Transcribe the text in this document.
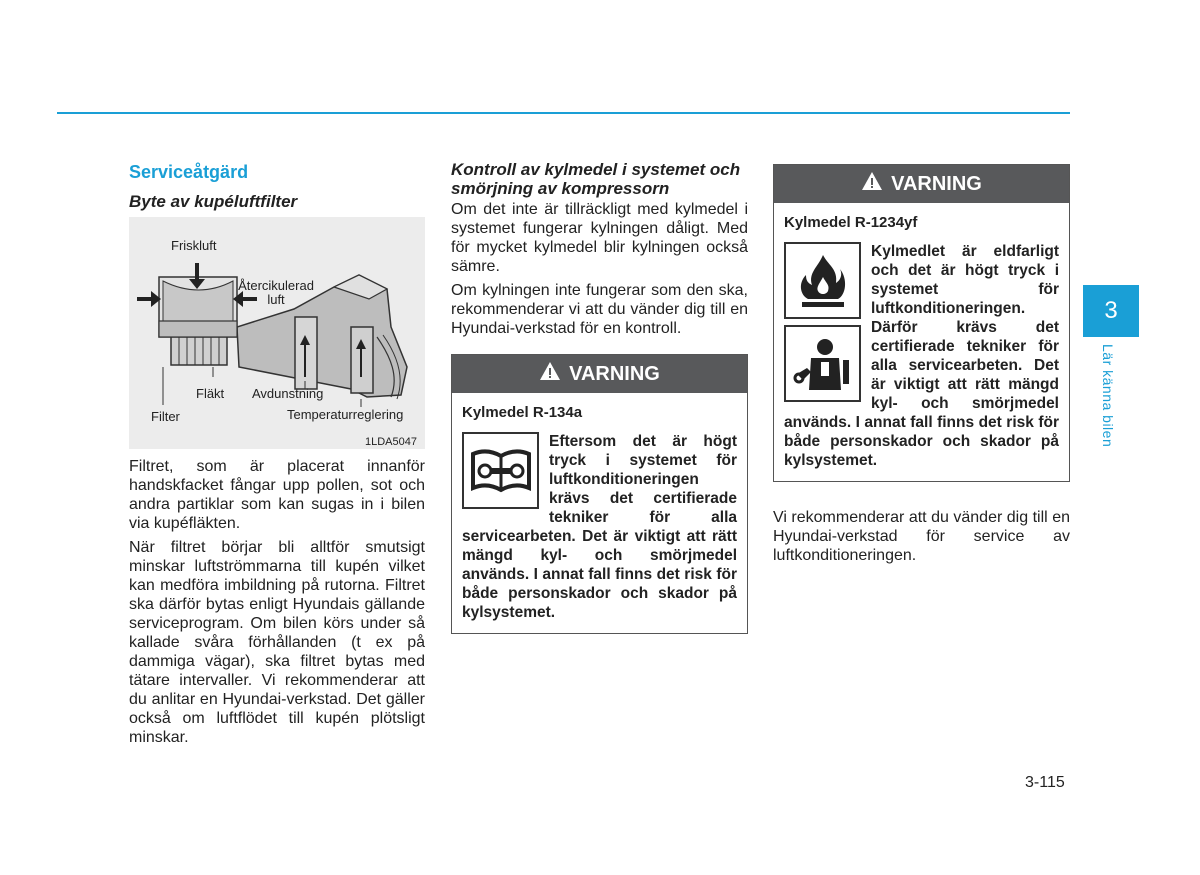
Serviceåtgärd
Byte av kupéluftfilter
Friskluft
Återcikulerad luft
Fläkt Avdunstning
Filter	Temperaturreglering
1LDA5047

Filtret, som är placerat innanför handskfacket fångar upp pollen, sot och andra partiklar som kan sugas in i bilen via kupéfläkten.

När filtret börjar bli alltför smutsigt minskar luftströmmarna till kupén vilket kan medföra imbildning på rutorna. Filtret ska därför bytas enligt Hyundais gällande serviceprogram. Om bilen körs under så kallade svåra förhållanden (t ex på dammiga vägar), ska filtret bytas med tätare intervaller. Vi rekommenderar att du anlitar en Hyundai-verkstad. Det gäller också om luftflödet till kupén plötsligt minskar.

Kontroll av kylmedel i systemet och smörjning av kompressorn

Om det inte är tillräckligt med kylmedel i systemet fungerar kylningen dåligt. Med för mycket kylmedel blir kylningen också sämre.

Om kylningen inte fungerar som den ska, rekommenderar vi att du vänder dig till en Hyundai-verkstad för en kontroll.

VARNING
Kylmedel R-134a
Eftersom det är högt tryck i systemet för luftkonditioneringen krävs det certifierade tekniker för alla servicearbeten. Det är viktigt att rätt mängd kyl- och smörjmedel används. I annat fall finns det risk för både personskador och skador på kylsystemet.
VARNING
Kylmedel R-1234yf
Kylmedlet är eldfarligt och det är högt tryck i systemet för luftkonditioneringen. Därför krävs det certifierade tekniker för alla servicearbeten. Det är viktigt att rätt mängd kyl- och smörjmedel används. I annat fall finns det risk för både personskador och skador på kylsystemet.

Vi rekommenderar att du vänder dig till en Hyundai-verkstad för service av luftkonditioneringen.

3
Lär känna bilen
3-115
